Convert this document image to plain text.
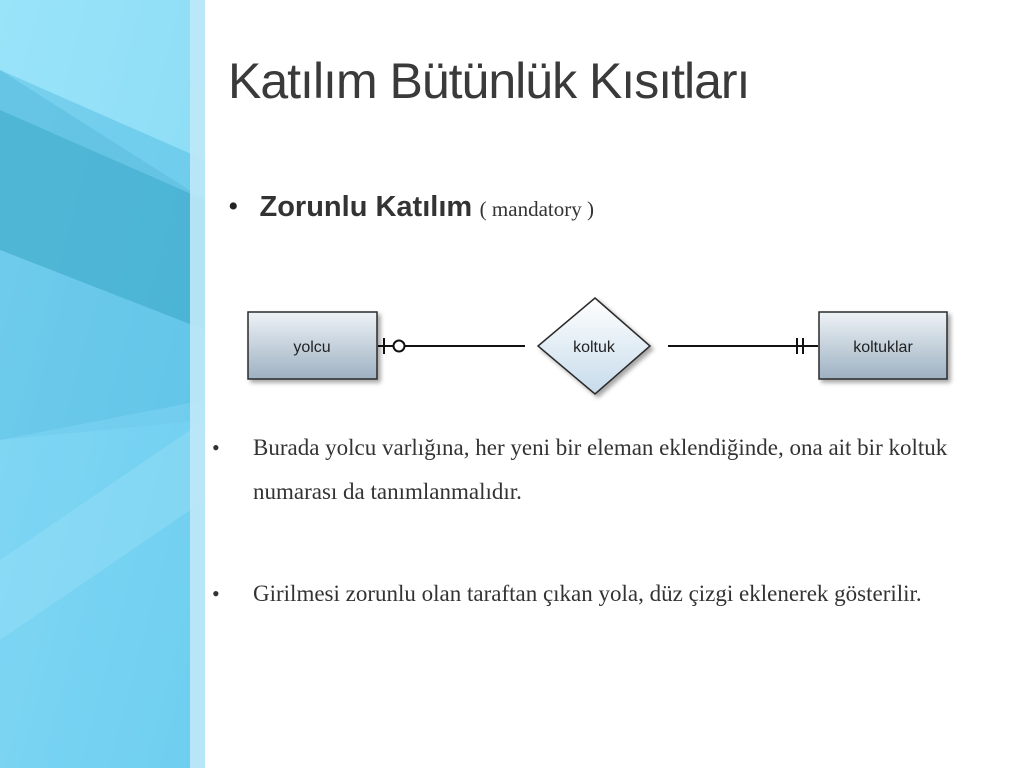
Katılım Bütünlük Kısıtları
• Zorunlu Katılım ( mandatory )
yolcu	koltuk	koltuklar
• Burada yolcu varlığına, her yeni bir eleman eklendiğinde, ona ait bir koltuk numarası da tanımlanmalıdır.
• Girilmesi zorunlu olan taraftan çıkan yola, düz çizgi eklenerek gösterilir.
